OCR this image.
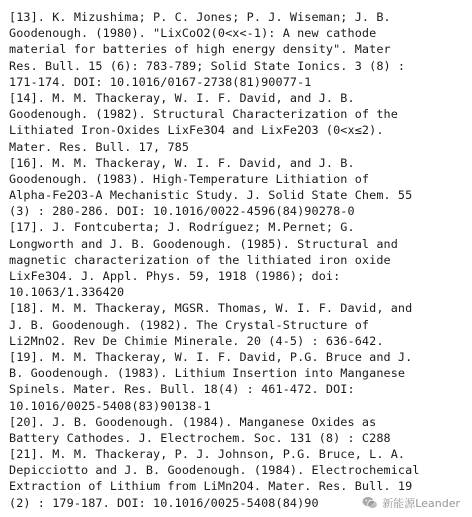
[13]. K. Mizushima; P. C. Jones; P. J. Wiseman; J. B.
Goodenough. (1980). "LixCoO2(0<x<-1): A new cathode
material for batteries of high energy density". Mater
Res. Bull. 15 (6): 783-789; Solid State Ionics. 3 (8) :
171-174. DOI: 10.1016/0167-2738(81)90077-1
[14]. M. M. Thackeray, W. I. F. David, and J. B.
Goodenough. (1982). Structural Characterization of the
Lithiated Iron-Oxides LixFe3O4 and LixFe2O3 (0<x≤2).
Mater. Res. Bull. 17, 785
[16]. M. M. Thackeray, W. I. F. David, and J. B.
Goodenough. (1983). High-Temperature Lithiation of
Alpha-Fe2O3-A Mechanistic Study. J. Solid State Chem. 55
(3) : 280-286. DOI: 10.1016/0022-4596(84)90278-0
[17]. J. Fontcuberta; J. Rodríguez; M.Pernet; G.
Longworth and J. B. Goodenough. (1985). Structural and
magnetic characterization of the lithiated iron oxide
LixFe3O4. J. Appl. Phys. 59, 1918 (1986); doi:
10.1063/1.336420
[18]. M. M. Thackeray, MGSR. Thomas, W. I. F. David, and
J. B. Goodenough. (1982). The Crystal-Structure of
Li2MnO2. Rev De Chimie Minerale. 20 (4-5) : 636-642.
[19]. M. M. Thackeray, W. I. F. David, P.G. Bruce and J.
B. Goodenough. (1983). Lithium Insertion into Manganese
Spinels. Mater. Res. Bull. 18(4) : 461-472. DOI:
10.1016/0025-5408(83)90138-1
[20]. J. B. Goodenough. (1984). Manganese Oxides as
Battery Cathodes. J. Electrochem. Soc. 131 (8) : C288
[21]. M. M. Thackeray, P. J. Johnson, P.G. Bruce, L. A.
Depicciotto and J. B. Goodenough. (1984). Electrochemical
Extraction of Lithium from LiMn2O4. Mater. Res. Bull. 19
(2) : 179-187. DOI: 10.1016/0025-5408(84)90	新能源Leander
